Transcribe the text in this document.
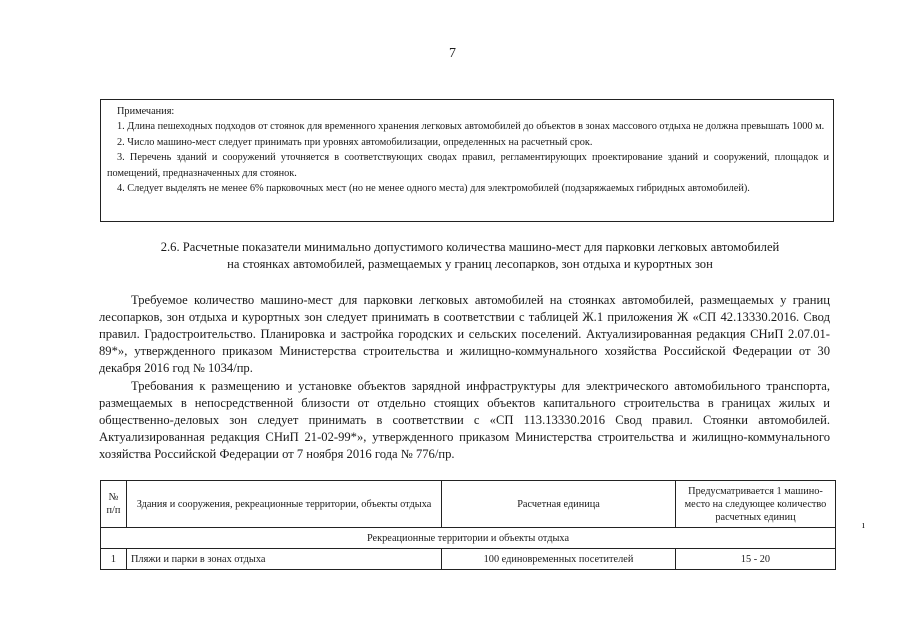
7

Примечания:

1. Длина пешеходных подходов от стоянок для временного хранения легковых автомобилей до объектов в зонах массового отдыха не должна превышать 1000 м.

2. Число машино-мест следует принимать при уровнях автомобилизации, определенных на расчетный срок.

3. Перечень зданий и сооружений уточняется в соответствующих сводах правил, регламентирующих проектирование зданий и сооружений, площадок и помещений, предназначенных для стоянок.

4. Следует выделять не менее 6% парковочных мест (но не менее одного места) для электромобилей (подзаряжаемых гибридных автомобилей).

2.6. Расчетные показатели минимально допустимого количества машино-мест для парковки легковых автомобилей

на стоянках автомобилей, размещаемых у границ лесопарков, зон отдыха и курортных зон

Требуемое количество машино-мест для парковки легковых автомобилей на стоянках автомобилей, размещаемых у границ лесопарков, зон отдыха и курортных зон следует принимать в соответствии с таблицей Ж.1 приложения Ж «СП 42.13330.2016. Свод правил. Градостроительство. Планировка и застройка городских и сельских поселений. Актуализированная редакция СНиП 2.07.01-89*», утвержденного приказом Министерства строительства и жилищно-коммунального хозяйства Российской Федерации от 30 декабря 2016 год № 1034/пр.

Требования к размещению и установке объектов зарядной инфраструктуры для электрического автомобильного транспорта, размещаемых в непосредственной близости от отдельно стоящих объектов капитального строительства в границах жилых и общественно-деловых зон следует принимать в соответствии с «СП 113.13330.2016 Свод правил. Стоянки автомобилей. Актуализированная редакция СНиП 21-02-99*», утвержденного приказом Министерства строительства и жилищно-коммунального хозяйства Российской Федерации от 7 ноября 2016 года № 776/пр.

№ п/п	Здания и сооружения, рекреационные территории, объекты отдыха	Расчетная единица	Предусматривается 1 машино-место на следующее количество расчетных единиц
Рекреационные территории и объекты отдыха			
1	Пляжи и парки в зонах отдыха	100 единовременных посетителей	15 - 20
ı
